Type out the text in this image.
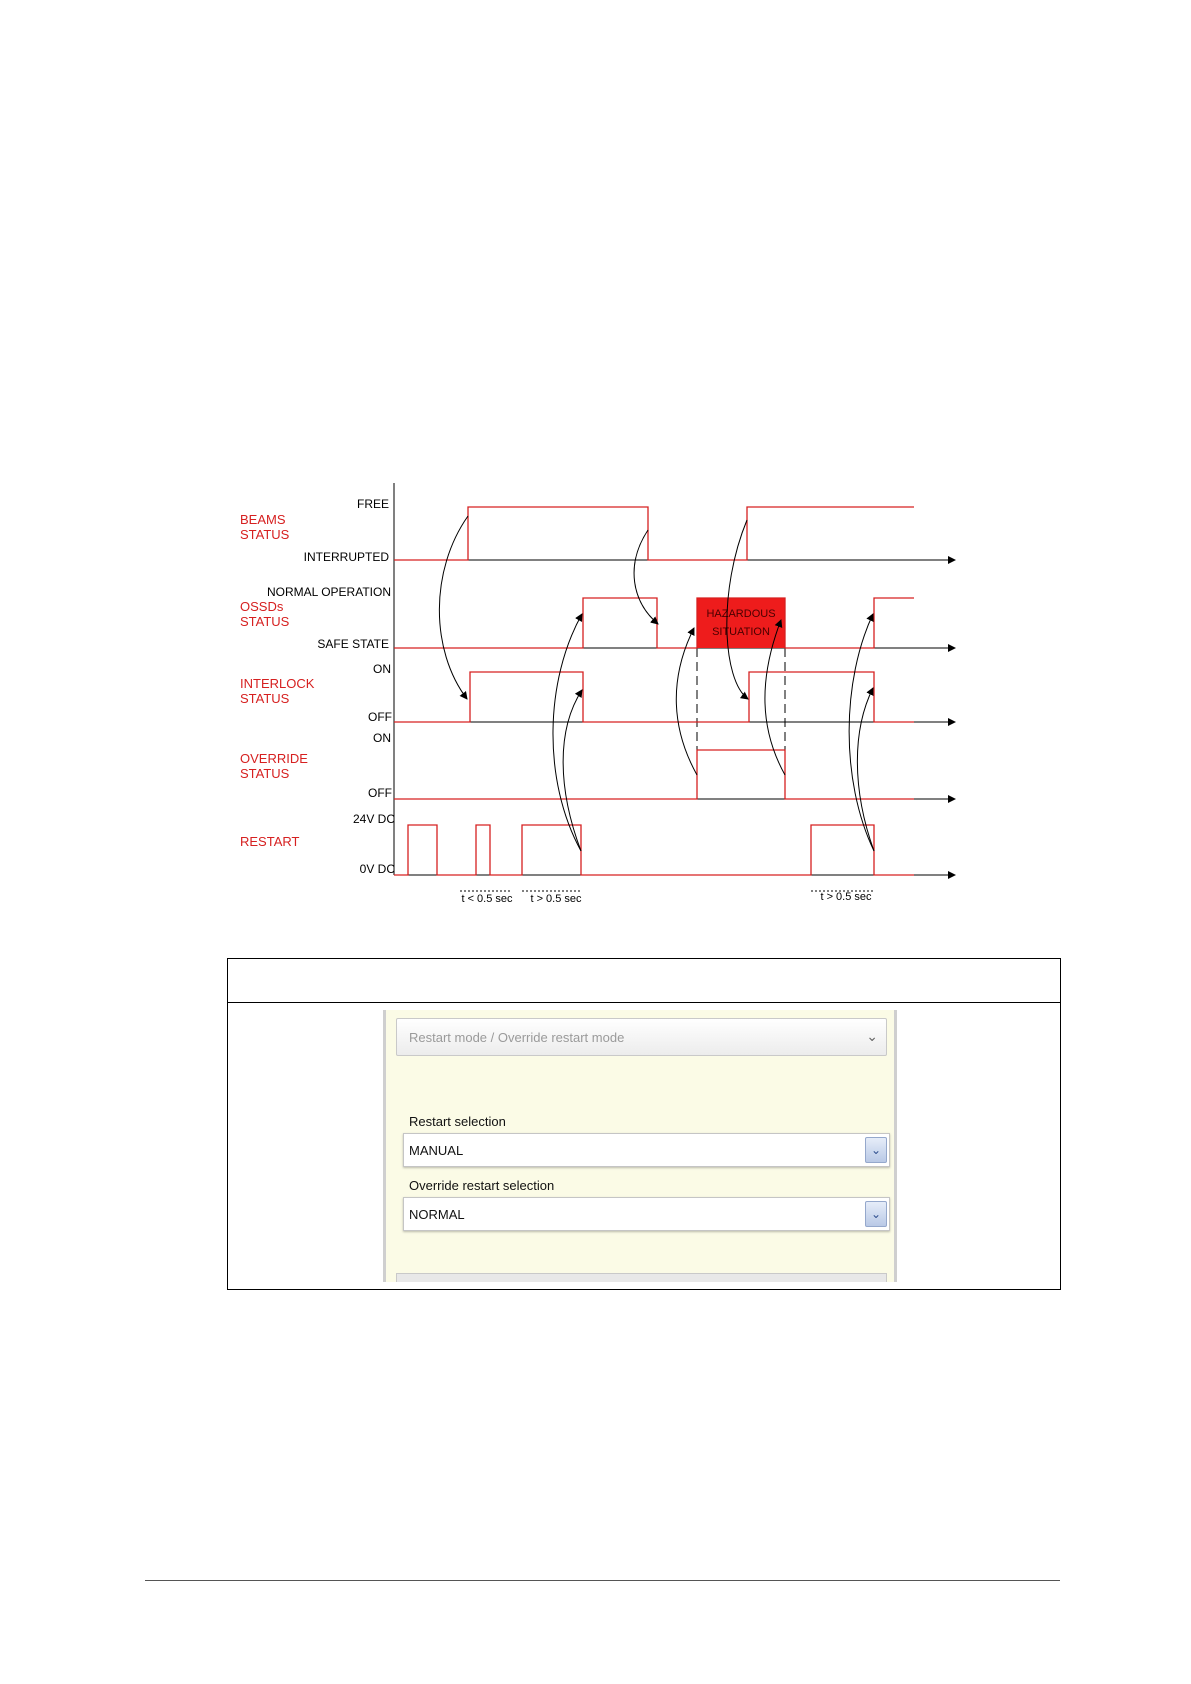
HAZARDOUS
SITUATION
BEAMS
STATUS
OSSDs
STATUS
INTERLOCK
STATUS
OVERRIDE
STATUS
RESTART
FREE
INTERRUPTED
NORMAL OPERATION
SAFE STATE
ON
OFF
ON
OFF
24V DC
0V DC
t < 0.5 sec t > 0.5 sec	t > 0.5 sec
Restart mode / Override restart mode	⌄
Restart selection
MANUAL	⌄
Override restart selection
NORMAL	⌄
